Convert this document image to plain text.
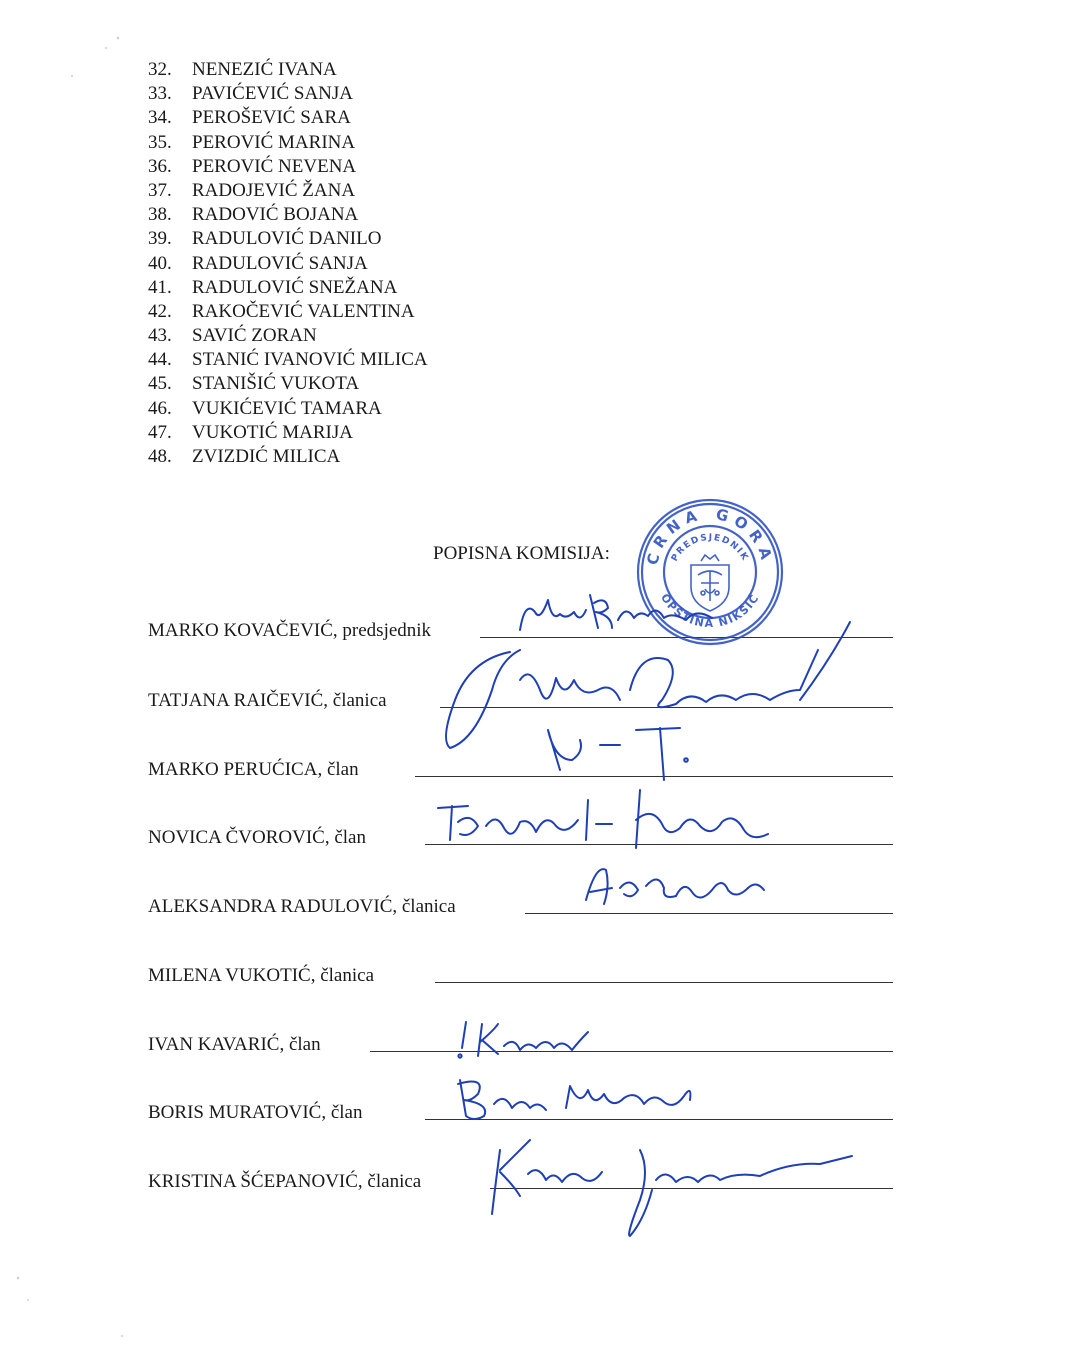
32. NENEZIĆ IVANA
33. PAVIĆEVIĆ SANJA
34. PEROŠEVIĆ SARA
35. PEROVIĆ MARINA
36. PEROVIĆ NEVENA
37. RADOJEVIĆ ŽANA
38. RADOVIĆ BOJANA
39. RADULOVIĆ DANILO
40. RADULOVIĆ SANJA
41. RADULOVIĆ SNEŽANA
42. RAKOČEVIĆ VALENTINA
43. SAVIĆ ZORAN
44. STANIĆ IVANOVIĆ MILICA
45. STANIŠIĆ VUKOTA
46. VUKIĆEVIĆ TAMARA
47. VUKOTIĆ MARIJA
48. ZVIZDIĆ MILICA
POPISNA KOMISIJA:
MARKO KOVAČEVIĆ, predsjednik
TATJANA RAIČEVIĆ, članica
MARKO PERUĆICA, član
NOVICA ČVOROVIĆ, član
ALEKSANDRA RADULOVIĆ, članica
MILENA VUKOTIĆ, članica
IVAN KAVARIĆ, član
BORIS MURATOVIĆ, član
KRISTINA ŠĆEPANOVIĆ, članica
CRNA GORA
PREDSJEDNIK
OPŠTINA NIKŠIĆ
